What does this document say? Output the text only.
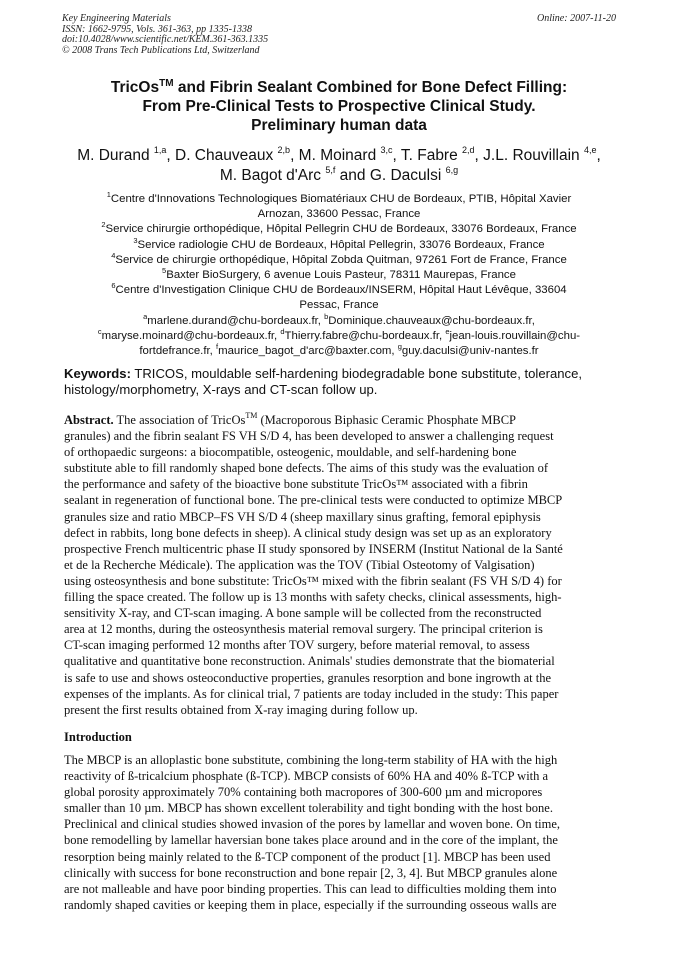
Key Engineering Materials
ISSN: 1662-9795, Vols. 361-363, pp 1335-1338
doi:10.4028/www.scientific.net/KEM.361-363.1335
© 2008 Trans Tech Publications Ltd, Switzerland
Online: 2007-11-20
TricOs™ and Fibrin Sealant Combined for Bone Defect Filling:
From Pre-Clinical Tests to Prospective Clinical Study.
Preliminary human data
M. Durand $^{1,a}$, D. Chauveaux $^{2,b}$, M. Moinard $^{3,c}$, T. Fabre $^{2,d}$, J.L. Rouvillain $^{4,e}$,
M. Bagot d'Arc $^{5,f}$ and G. Daculsi $^{6,g}$
$^1$Centre d'Innovations Technologiques Biomatériaux CHU de Bordeaux, PTIB, Hôpital Xavier
Arnozan, 33600 Pessac, France
$^2$Service chirurgie orthopédique, Hôpital Pellegrin CHU de Bordeaux, 33076 Bordeaux, France
$^3$Service radiologie CHU de Bordeaux, Hôpital Pellegrin, 33076 Bordeaux, France
$^4$Service de chirurgie orthopédique, Hôpital Zobda Quitman, 97261 Fort de France, France
$^5$Baxter BioSurgery, 6 avenue Louis Pasteur, 78311 Maurepas, France
$^6$Centre d'Investigation Clinique CHU de Bordeaux/INSERM, Hôpital Haut Lévêque, 33604
Pessac, France
$^a$marlene.durand@chu-bordeaux.fr, $^b$Dominique.chauveaux@chu-bordeaux.fr,
$^c$maryse.moinard@chu-bordeaux.fr, $^d$Thierry.fabre@chu-bordeaux.fr, $^e$jean-louis.rouvillain@chu-
fortdefrance.fr, $^f$maurice_bagot_d'arc@baxter.com, $^g$guy.daculsi@univ-nantes.fr
Keywords: TRICOS, mouldable self-hardening biodegradable bone substitute, tolerance,
histology/morphometry, X-rays and CT-scan follow up.
Abstract. The association of TricOs™ (Macroporous Biphasic Ceramic Phosphate MBCP
granules) and the fibrin sealant FS VH S/D 4, has been developed to answer a challenging request
of orthopaedic surgeons: a biocompatible, osteogenic, mouldable, and self-hardening bone
substitute able to fill randomly shaped bone defects. The aims of this study was the evaluation of
the performance and safety of the bioactive bone substitute TricOs™ associated with a fibrin
sealant in regeneration of functional bone. The pre-clinical tests were conducted to optimize MBCP
granules size and ratio MBCP–FS VH S/D 4 (sheep maxillary sinus grafting, femoral epiphysis
defect in rabbits, long bone defects in sheep). A clinical study design was set up as an exploratory
prospective French multicentric phase II study sponsored by INSERM (Institut National de la Santé
et de la Recherche Médicale). The application was the TOV (Tibial Osteotomy of Valgisation)
using osteosynthesis and bone substitute: TricOs™ mixed with the fibrin sealant (FS VH S/D 4) for
filling the space created. The follow up is 13 months with safety checks, clinical assessments, high-
sensitivity X-ray, and CT-scan imaging. A bone sample will be collected from the reconstructed
area at 12 months, during the osteosynthesis material removal surgery. The principal criterion is
CT-scan imaging performed 12 months after TOV surgery, before material removal, to assess
qualitative and quantitative bone reconstruction. Animals' studies demonstrate that the biomaterial
is safe to use and shows osteoconductive properties, granules resorption and bone ingrowth at the
expenses of the implants. As for clinical trial, 7 patients are today included in the study: This paper
present the first results obtained from X-ray imaging during follow up.
Introduction
The MBCP is an alloplastic bone substitute, combining the long-term stability of HA with the high
reactivity of ß-tricalcium phosphate (ß-TCP). MBCP consists of 60% HA and 40% ß-TCP with a
global porosity approximately 70% containing both macropores of 300-600 µm and micropores
smaller than 10 µm. MBCP has shown excellent tolerability and tight bonding with the host bone.
Preclinical and clinical studies showed invasion of the pores by lamellar and woven bone. On time,
bone remodelling by lamellar haversian bone takes place around and in the core of the implant, the
resorption being mainly related to the ß-TCP component of the product [1]. MBCP has been used
clinically with success for bone reconstruction and bone repair [2, 3, 4]. But MBCP granules alone
are not malleable and have poor binding properties. This can lead to difficulties molding them into
randomly shaped cavities or keeping them in place, especially if the surrounding osseous walls are
